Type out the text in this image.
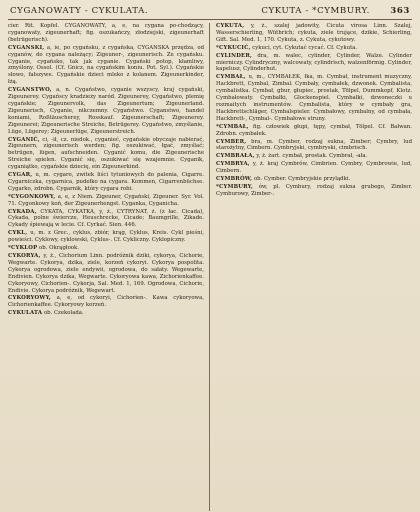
CYGANOWATY - CYKULATA.	CYKUTA - *CYMBURY.	363

cier. Rit. Kopfel. CYGANOWATY, a, e, na cygana po-chodzący, cyganowaty, zigeunerhaft; fig. oszukańczy, złodziejski, zigeunerhaft (betrügerisch).

CYGANSKI, a, ie, po cygańsku, z cygańska, CYGANSKA przędza, od cyganów, do cygana należący; Zigeuner-, zigeunerisch. Ze cygańsku. Cyganie, cygańsko, tak jak cyganie. Cygański potop, kłamliwy, zmyślony. Ossol. (Cf. Gnicz, na cygańskim koniu. Pot. Syl.). Cygańskie słowo, fałszywe. Cygańskie dzieci mleko z kolanem. Zigeunerkinder, łżą.

CYGANSTWO, a, n. Cygaństwo, cyganie wszyscy, kraj cygański, Zigeunerey. Cygańscy kradzieży naród. Zigeunerey, Cygaństwo, plemię cygańskie; Zigeunervolk, das Zigeunertum; Zigeunerland. Zigeunerisch, Cyganie, nikczemny. Cygaństwo. Cyganstwo, handel koniami, Roßtäuscherey, Rosskauf. Zigeunerschaft; Zigeunerey. Zigeunerei; Zigeunerische Streiche, Betrügerey. Cygaństwo, zmyślanie, Lüge, Lügerey; Zigeunerlüge, Zigeunerstreich.

CYGANIĆ, ci, -ił, cz. niedok., cyganieć, cygańskie obyczaje nabierać, Zigeunern, zigeunerisch werden; fig. oszukiwać, łgać, zmyślać; betrügen, lügen, aufschneiden. Cyganić komu, die Zigeunerische Streiche spielen. Cyganić się, oszukiwać się wzajemnie. Cyganik, cyganiątko, cygańskie dziecię, ein Zigeunerkind.

CYGAR, u, m. cygaro, zwitek liści tytuniowych do palenia, Cigarre. Cygarniczka, cygarnica, pudełko na cygara. Kommen, Cigarrenbüchse. Cygarko, zdrobn. Cygarnik, który cygara robi.

*CYGONKOWY, a, e, z Niem. Zigeuner, Cygański, Zigeuner. Syr. Vol. 71. Cygonkowy koń, der Zigeunerhengst. Cyganka, Cyganicha.

CYKADA, CYKATA, CYKATKA, y, ż., CYTRYNAT, ż. (z łac. Cicada), Cykada, polne świercze, Heuschrecke, Cicade; Baumgrille, Zikade. Cykady śpiewają w lecie. Cf. Cyrkać. Sien. 446.

CYKL, u, m. z Grec., cyklus, zbiór, krąg, Cyklus, Kreis. Cykl pieśni, powieści. Cyklowy, cyklowski, Cyklus-. Cf. Cykliczny. Cyklopiczny.

*CYKLOP ob. Okrągłook.

CYKORYA, y, ż., Cichorium Linn. podróżnik dziki, cykorya, Cichorie, Wegwarte. Cykorya, dzika, ziele, korzeń cykoryi. Cykorya pospolita. Cykorya ogrodowa, ziele endywii, ogrodowa, do sałaty. Wegewarte, Endivien. Cykorya dzika, Wegwarte. Cykoryowa kawa, Zichorienkaffee. Cykoryowy, Cichorien-. Cykorja, Sal. Med. 1, 169. Ogrodowa, Cichorie, Endivie. Cykorya podróżnik, Wegewart.

CYKORYOWY, a, e, od cykoryi, Cichorien-. Kawa cykoryowa, Cichorienkaffee. Cykoryowy korzeń.

CYKULATA ob. Czekolada.

CYKUTA, y, ż., szalej jadowity, Cicuta virosa Linn. Szalej, Wasserschierling, Wüthrich; cykuta, ziele trujące, dzikie, Schierling, Gift. Sal. Med. 1, 170. Cykuta, z. Cykuta, cykutowy.

*CYKUCIĆ, cykuci, cyt. Cykutać cycać. Cf. Cykuta.

CYLINDER, dra, m. walec, cylinder, Cylinder, Walze. Cylinder mierniczy. Cylindryczny, walcowaty, cylindrisch, walzenförmig. Cylinder, kapelusz, Cylinderhut.

CYMBAŁ, u, m., CYMBAŁEK, łka, m. Cymbał, instrument muzyczny, Hackbrett, Cymbal, Zimbal. Cymbały, cymbałek, dzwonek. Cymbalista, cymbalistka. Cymbał, gbur, głupiec, prostak, Tölpel, Dummkopf, Klotz. Cymbałowaty. Cymbałki, Glockenspiel. Cymbałki, dzwoneczki u rozmaitych instrumentów. Cymbalista, który w cymbały gra, Hackbrettschläger, Cymbalspieler. Cymbałowy, cymbalny, od cymbała, Hackbrett-, Cymbal-. Cymbałowe struny.

*CYMBAŁ, fig. człowiek głupi, tępy, cymbał, Tölpel. Cf. Bałwan. Zdrobn. cymbałek.

CYMBER, bra, m. Cymber, rodzaj sukna, Zimber; Cymbry, lud starożytny, Cimbern. Cymbryjski, cymbryski, cimbrisch.

CYMBRAŁA, y, ż. żart. cymbał, prostak. Cymbrał, -ała.

CYMBRYA, y, ż. kraj Cymbrów, Cimbrien. Cymbry, Cymbrowie, lud, Cimbern.

CYMBRÓW, ob. Cymber. Cymbryjskie przylądki.

*CYMBURY, ów, pl. Cymbury, rodzaj sukna grubego, Zimber. Cymburowy, Zimber-.
